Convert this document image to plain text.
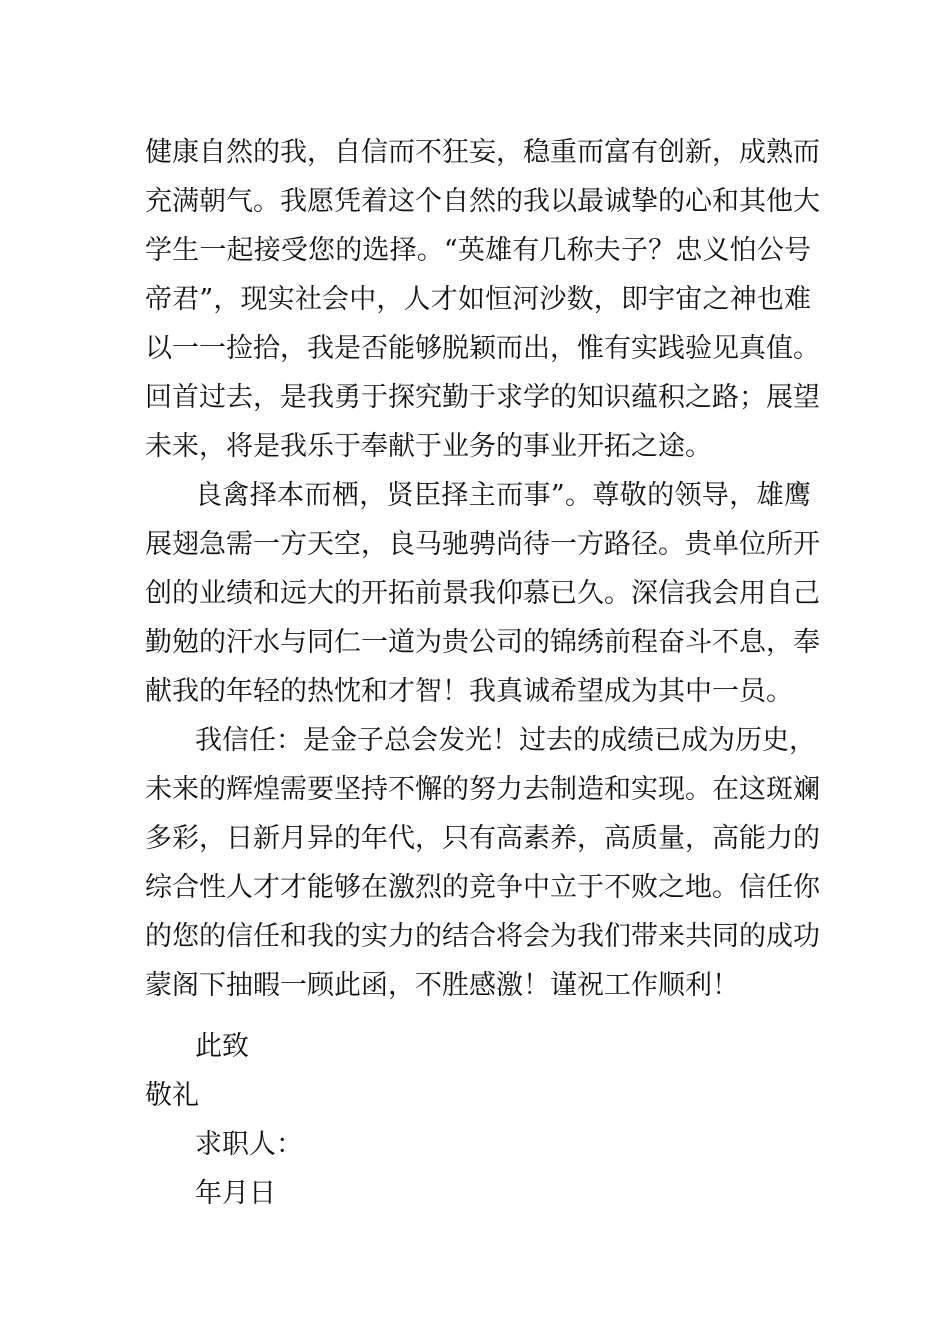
健康自然的我，自信而不狂妄，稳重而富有创新，成熟而
充满朝气。我愿凭着这个自然的我以最诚挚的心和其他大
学生一起接受您的选择。“英雄有几称夫子？忠义怕公号
帝君”，现实社会中，人才如恒河沙数，即宇宙之神也难
以一一捡拾，我是否能够脱颖而出，惟有实践验见真值。
回首过去，是我勇于探究勤于求学的知识蕴积之路；展望
未来，将是我乐于奉献于业务的事业开拓之途。
良禽择本而栖，贤臣择主而事”。尊敬的领导，雄鹰
展翅急需一方天空，良马驰骋尚待一方路径。贵单位所开
创的业绩和远大的开拓前景我仰慕已久。深信我会用自己
勤勉的汗水与同仁一道为贵公司的锦绣前程奋斗不息，奉
献我的年轻的热忱和才智！我真诚希望成为其中一员。
我信任：是金子总会发光！过去的成绩已成为历史，
未来的辉煌需要坚持不懈的努力去制造和实现。在这斑斓
多彩，日新月异的年代，只有高素养，高质量，高能力的
综合性人才才能够在激烈的竞争中立于不败之地。信任你
的您的信任和我的实力的结合将会为我们带来共同的成功
蒙阁下抽暇一顾此函，不胜感激！谨祝工作顺利！
此致
敬礼
求职人：
年月日
